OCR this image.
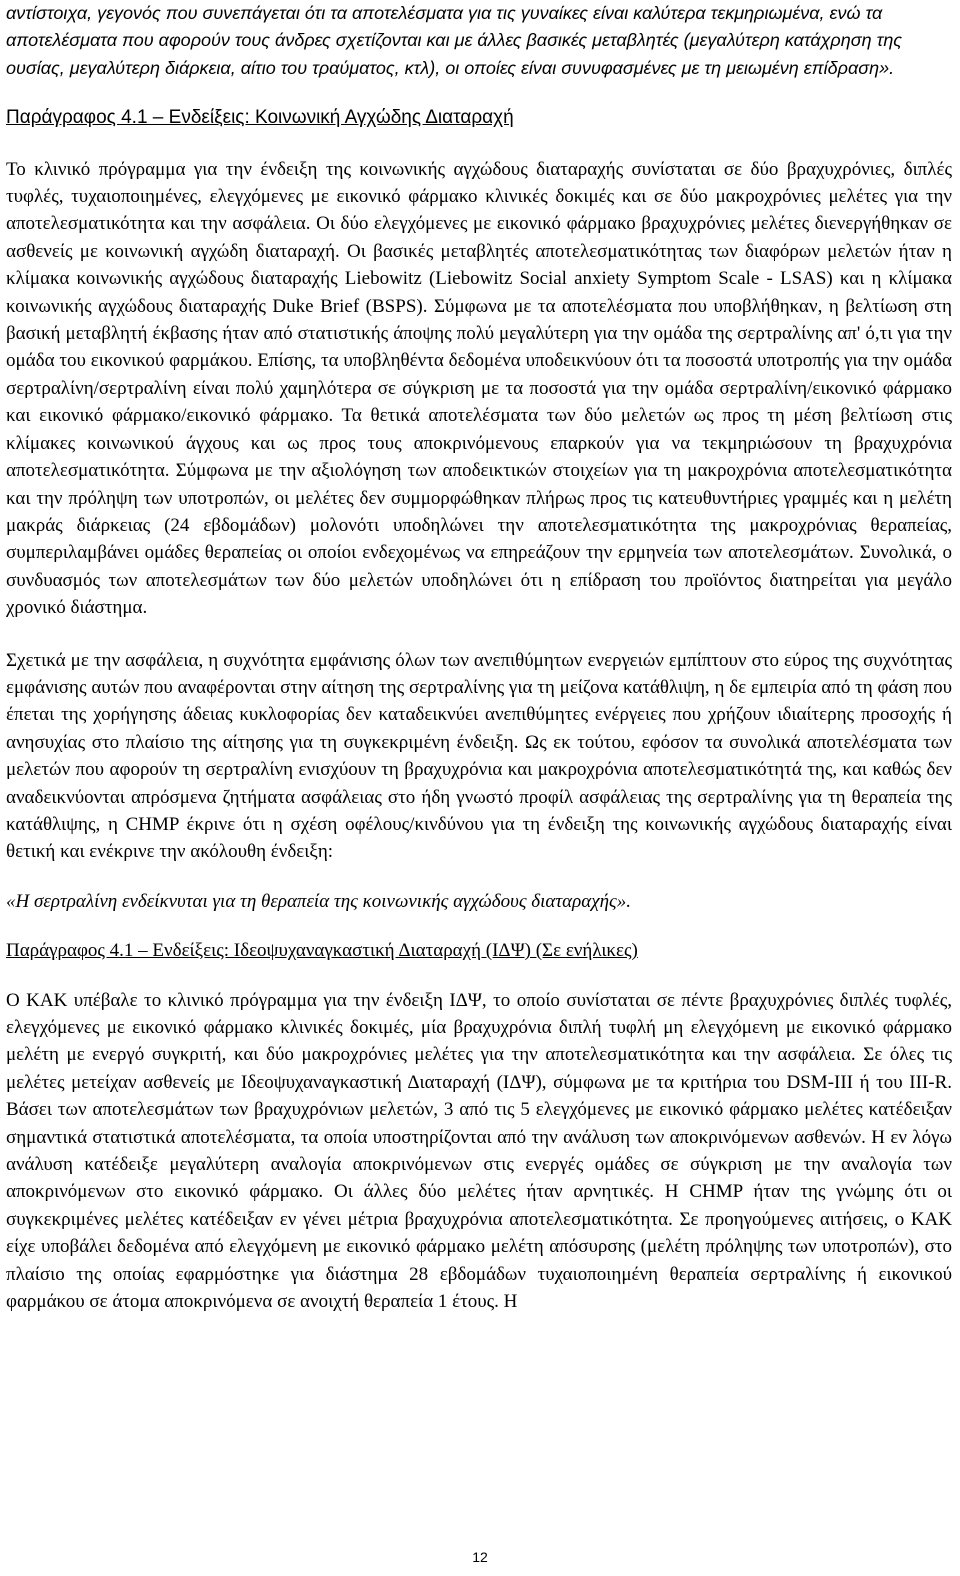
αντίστοιχα, γεγονός που συνεπάγεται ότι τα αποτελέσματα για τις γυναίκες είναι καλύτερα τεκμηριωμένα, ενώ τα αποτελέσματα που αφορούν τους άνδρες σχετίζονται και με άλλες βασικές μεταβλητές (μεγαλύτερη κατάχρηση της ουσίας, μεγαλύτερη διάρκεια, αίτιο του τραύματος, κτλ), οι οποίες είναι συνυφασμένες με τη μειωμένη επίδραση».

Παράγραφος 4.1 – Ενδείξεις: Κοινωνική Αγχώδης Διαταραχή

Το κλινικό πρόγραμμα για την ένδειξη της κοινωνικής αγχώδους διαταραχής συνίσταται σε δύο βραχυχρόνιες, διπλές τυφλές, τυχαιοποιημένες, ελεγχόμενες με εικονικό φάρμακο κλινικές δοκιμές και σε δύο μακροχρόνιες μελέτες για την αποτελεσματικότητα και την ασφάλεια. Οι δύο ελεγχόμενες με εικονικό φάρμακο βραχυχρόνιες μελέτες διενεργήθηκαν σε ασθενείς με κοινωνική αγχώδη διαταραχή. Οι βασικές μεταβλητές αποτελεσματικότητας των διαφόρων μελετών ήταν η κλίμακα κοινωνικής αγχώδους διαταραχής Liebowitz (Liebowitz Social anxiety Symptom Scale - LSAS) και η κλίμακα κοινωνικής αγχώδους διαταραχής Duke Brief (BSPS). Σύμφωνα με τα αποτελέσματα που υποβλήθηκαν, η βελτίωση στη βασική μεταβλητή έκβασης ήταν από στατιστικής άποψης πολύ μεγαλύτερη για την ομάδα της σερτραλίνης απ' ό,τι για την ομάδα του εικονικού φαρμάκου. Επίσης, τα υποβληθέντα δεδομένα υποδεικνύουν ότι τα ποσοστά υποτροπής για την ομάδα σερτραλίνη/σερτραλίνη είναι πολύ χαμηλότερα σε σύγκριση με τα ποσοστά για την ομάδα σερτραλίνη/εικονικό φάρμακο και εικονικό φάρμακο/εικονικό φάρμακο. Τα θετικά αποτελέσματα των δύο μελετών ως προς τη μέση βελτίωση στις κλίμακες κοινωνικού άγχους και ως προς τους αποκρινόμενους επαρκούν για να τεκμηριώσουν τη βραχυχρόνια αποτελεσματικότητα. Σύμφωνα με την αξιολόγηση των αποδεικτικών στοιχείων για τη μακροχρόνια αποτελεσματικότητα και την πρόληψη των υποτροπών, οι μελέτες δεν συμμορφώθηκαν πλήρως προς τις κατευθυντήριες γραμμές και η μελέτη μακράς διάρκειας (24 εβδομάδων) μολονότι υποδηλώνει την αποτελεσματικότητα της μακροχρόνιας θεραπείας, συμπεριλαμβάνει ομάδες θεραπείας οι οποίοι ενδεχομένως να επηρεάζουν την ερμηνεία των αποτελεσμάτων. Συνολικά, ο συνδυασμός των αποτελεσμάτων των δύο μελετών υποδηλώνει ότι η επίδραση του προϊόντος διατηρείται για μεγάλο χρονικό διάστημα.

Σχετικά με την ασφάλεια, η συχνότητα εμφάνισης όλων των ανεπιθύμητων ενεργειών εμπίπτουν στο εύρος της συχνότητας εμφάνισης αυτών που αναφέρονται στην αίτηση της σερτραλίνης για τη μείζονα κατάθλιψη, η δε εμπειρία από τη φάση που έπεται της χορήγησης άδειας κυκλοφορίας δεν καταδεικνύει ανεπιθύμητες ενέργειες που χρήζουν ιδιαίτερης προσοχής ή ανησυχίας στο πλαίσιο της αίτησης για τη συγκεκριμένη ένδειξη. Ως εκ τούτου, εφόσον τα συνολικά αποτελέσματα των μελετών που αφορούν τη σερτραλίνη ενισχύουν τη βραχυχρόνια και μακροχρόνια αποτελεσματικότητά της, και καθώς δεν αναδεικνύονται απρόσμενα ζητήματα ασφάλειας στο ήδη γνωστό προφίλ ασφάλειας της σερτραλίνης για τη θεραπεία της κατάθλιψης, η CHMP έκρινε ότι η σχέση οφέλους/κινδύνου για τη ένδειξη της κοινωνικής αγχώδους διαταραχής είναι θετική και ενέκρινε την ακόλουθη ένδειξη:

«Η σερτραλίνη ενδείκνυται για τη θεραπεία της κοινωνικής αγχώδους διαταραχής».

Παράγραφος 4.1 – Ενδείξεις: Ιδεοψυχαναγκαστική Διαταραχή (ΙΔΨ) (Σε ενήλικες)

Ο ΚΑΚ υπέβαλε το κλινικό πρόγραμμα για την ένδειξη ΙΔΨ, το οποίο συνίσταται σε πέντε βραχυχρόνιες διπλές τυφλές, ελεγχόμενες με εικονικό φάρμακο κλινικές δοκιμές, μία βραχυχρόνια διπλή τυφλή μη ελεγχόμενη με εικονικό φάρμακο μελέτη με ενεργό συγκριτή, και δύο μακροχρόνιες μελέτες για την αποτελεσματικότητα και την ασφάλεια. Σε όλες τις μελέτες μετείχαν ασθενείς με Ιδεοψυχαναγκαστική Διαταραχή (ΙΔΨ), σύμφωνα με τα κριτήρια του DSM-III ή του III-R. Βάσει των αποτελεσμάτων των βραχυχρόνιων μελετών, 3 από τις 5 ελεγχόμενες με εικονικό φάρμακο μελέτες κατέδειξαν σημαντικά στατιστικά αποτελέσματα, τα οποία υποστηρίζονται από την ανάλυση των αποκρινόμενων ασθενών. Η εν λόγω ανάλυση κατέδειξε μεγαλύτερη αναλογία αποκρινόμενων στις ενεργές ομάδες σε σύγκριση με την αναλογία των αποκρινόμενων στο εικονικό φάρμακο. Οι άλλες δύο μελέτες ήταν αρνητικές. Η CHMP ήταν της γνώμης ότι οι συγκεκριμένες μελέτες κατέδειξαν εν γένει μέτρια βραχυχρόνια αποτελεσματικότητα. Σε προηγούμενες αιτήσεις, ο ΚΑΚ είχε υποβάλει δεδομένα από ελεγχόμενη με εικονικό φάρμακο μελέτη απόσυρσης (μελέτη πρόληψης των υποτροπών), στο πλαίσιο της οποίας εφαρμόστηκε για διάστημα 28 εβδομάδων τυχαιοποιημένη θεραπεία σερτραλίνης ή εικονικού φαρμάκου σε άτομα αποκρινόμενα σε ανοιχτή θεραπεία 1 έτους. Η

12
